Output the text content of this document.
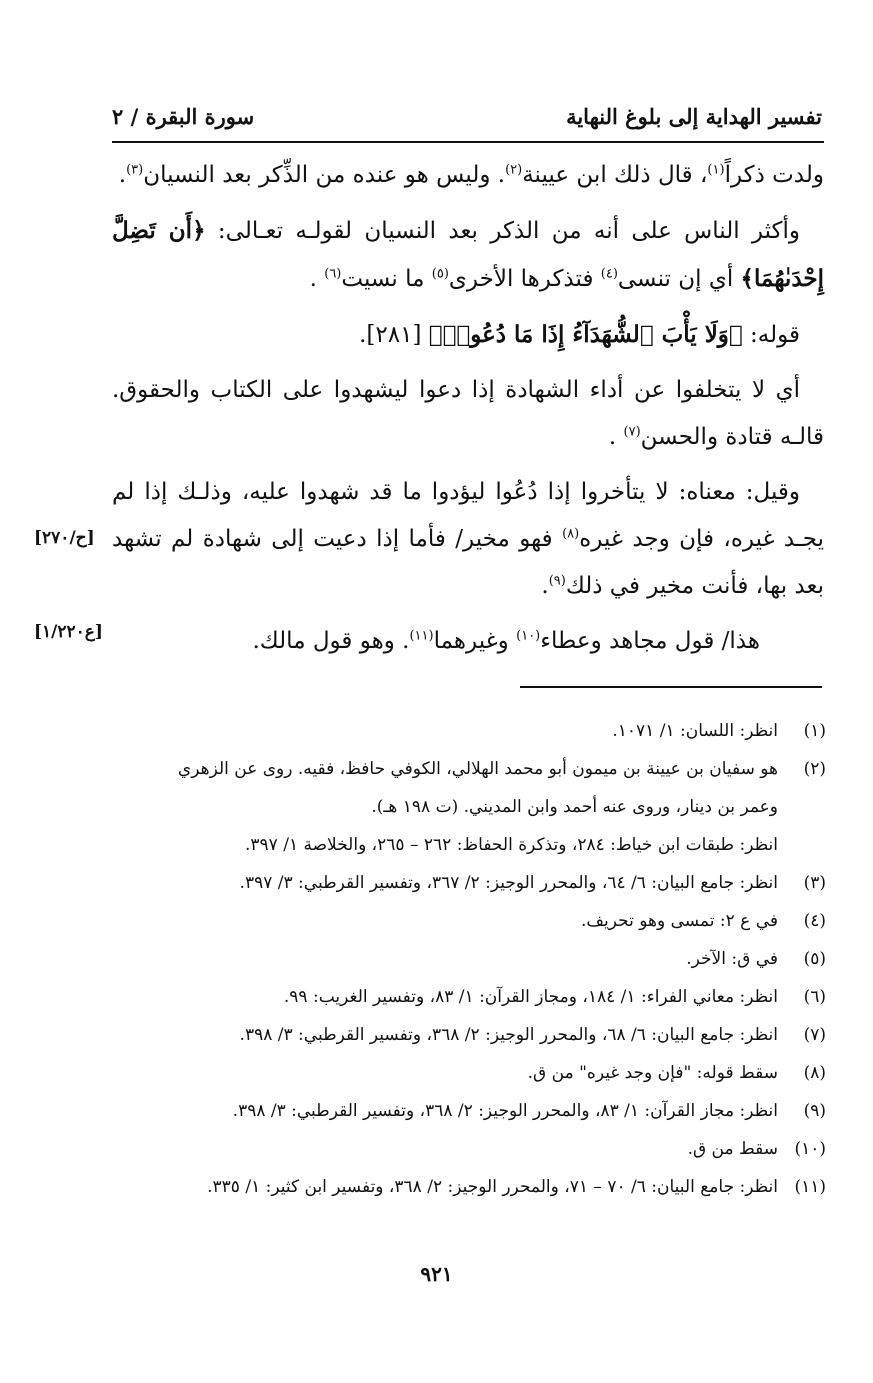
تفسير الهداية إلى بلوغ النهاية
سورة البقرة / ٢

ولدت ذكراً$^{(١)}$، قال ذلك ابن عيينة$^{(٢)}$. وليس هو عنده من الذِّكر بعد النسيان$^{(٣)}$.

وأكثر الناس على أنه من الذكر بعد النسيان لقولـه تعـالى: ﴿أَن تَضِلَّ إِحْدَىٰهُمَا﴾ أي إن تنسى$^{(٤)}$ فتذكرها الأخرى$^{(٥)}$ ما نسيت$^{(٦)}$ .

قوله: ﴿وَلَا يَأْبَ ٱلشُّهَدَآءُ إِذَا مَا دُعُوا۟﴾ [٢٨١].

أي لا يتخلفوا عن أداء الشهادة إذا دعوا ليشهدوا على الكتاب والحقوق. قالـه قتادة والحسن$^{(٧)}$ .

وقيل: معناه: لا يتأخروا إذا دُعُوا ليؤدوا ما قد شهدوا عليه، وذلـك إذا لم يجـد غيره، فإن وجد غيره$^{(٨)}$ فهو مخير/ فأما إذا دعيت إلى شهادة لم تشهد بعد بها، فأنت مخير في ذلك$^{(٩)}$.

هذا/ قول مجاهد وعطاء$^{(١٠)}$ وغيرهما$^{(١١)}$. وهو قول مالك.

[ح/٢٧٠]
[ع١/٢٢٠]
(١)
انظر: اللسان: ١/ ١٠٧١.
(٢)
هو سفيان بن عيينة بن ميمون أبو محمد الهلالي، الكوفي حافظ، فقيه. روى عن الزهري
وعمر بن دينار، وروى عنه أحمد وابن المديني. (ت ١٩٨ هـ).
انظر: طبقات ابن خياط: ٢٨٤، وتذكرة الحفاظ: ٢٦٢ – ٢٦٥، والخلاصة ١/ ٣٩٧.
(٣)
انظر: جامع البيان: ٦/ ٦٤، والمحرر الوجيز: ٢/ ٣٦٧، وتفسير القرطبي: ٣/ ٣٩٧.
(٤)
في ع ٢: تمسى وهو تحريف.
(٥)
في ق: الآخر.
(٦)
انظر: معاني الفراء: ١/ ١٨٤، ومجاز القرآن: ١/ ٨٣، وتفسير الغريب: ٩٩.
(٧)
انظر: جامع البيان: ٦/ ٦٨، والمحرر الوجيز: ٢/ ٣٦٨، وتفسير القرطبي: ٣/ ٣٩٨.
(٨)
سقط قوله: "فإن وجد غيره" من ق.
(٩)
انظر: مجاز القرآن: ١/ ٨٣، والمحرر الوجيز: ٢/ ٣٦٨، وتفسير القرطبي: ٣/ ٣٩٨.
(١٠)
سقط من ق.
(١١)
انظر: جامع البيان: ٦/ ٧٠ – ٧١، والمحرر الوجيز: ٢/ ٣٦٨، وتفسير ابن كثير: ١/ ٣٣٥.
٩٢١
